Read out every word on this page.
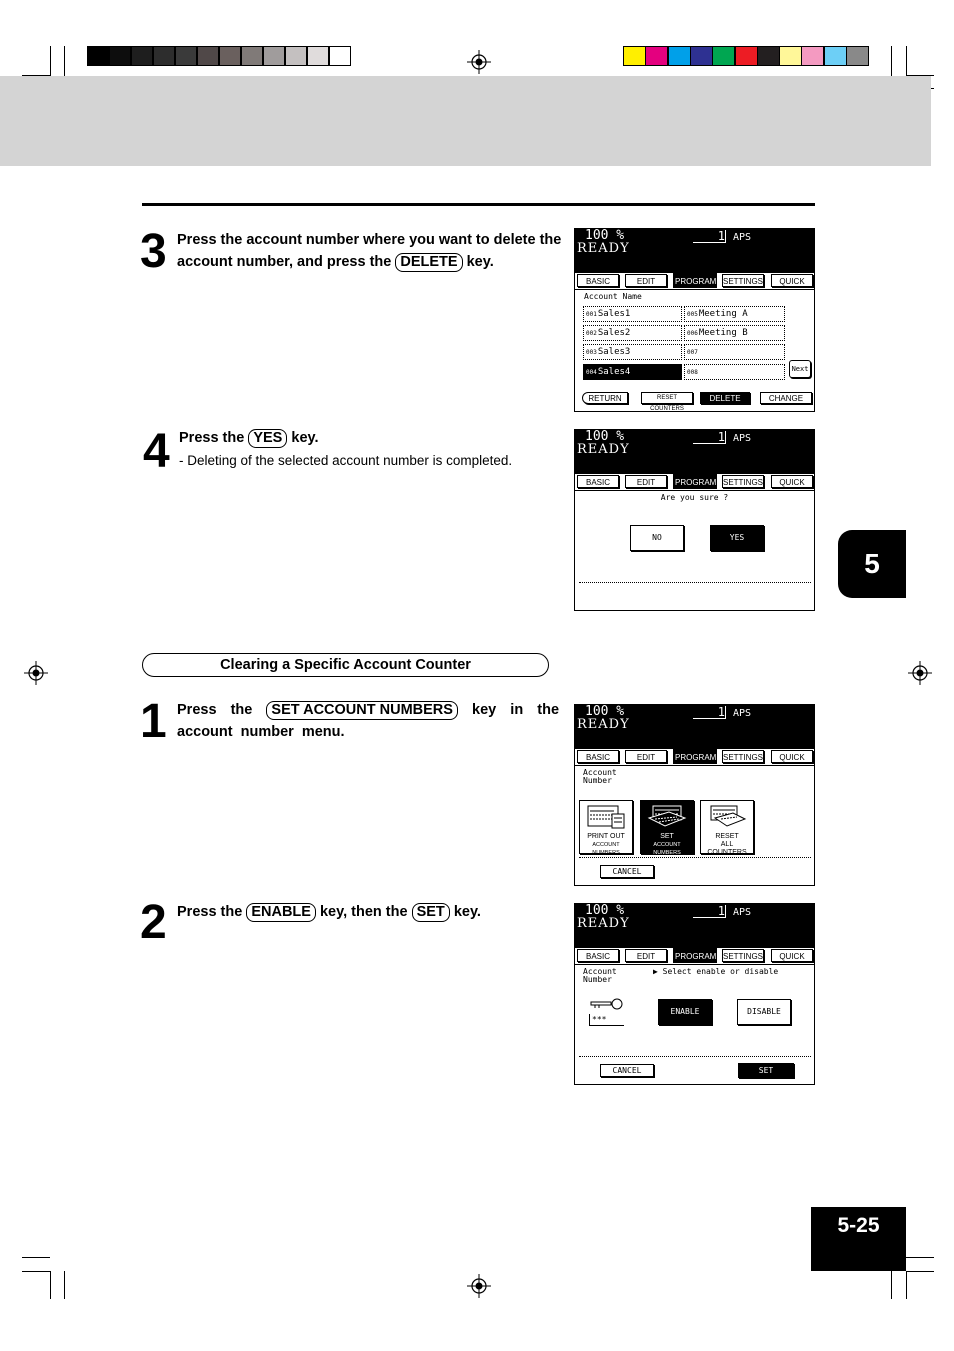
3 Press the account number where you want to delete the account number, and press the DELETE key.
100 %	1 APS
READY
BASIC	EDIT	PROGRAM SETTINGS	QUICK
Account Name
001Sales1	005Meeting A
002Sales2	006Meeting B
003Sales3	007
004Sales4	008	Next
RETURN	RESET COUNTERS
DELETE	CHANGE
4 Press the YES key.
- Deleting of the selected account number is completed.
100 %	1 APS
READY
BASIC	EDIT	PROGRAM SETTINGS	QUICK
Are you sure ?
NO	YES
5
Clearing a Specific Account Counter
1 Press the SET ACCOUNT NUMBERS key in the account number menu.
100 %	1 APS
READY
BASIC	EDIT	PROGRAM SETTINGS	QUICK
Account
Number
PRINT OUT
ACCOUNT NUMBERS
SET
ACCOUNT NUMBERS
RESET
ALL COUNTERS
CANCEL
2 Press the ENABLE key, then the SET key.	100 %	1 APS
READY
BASIC	EDIT	PROGRAM SETTINGS	QUICK
Account
Number
▶ Select enable or disable
***
ENABLE	DISABLE
CANCEL	SET
5-25
